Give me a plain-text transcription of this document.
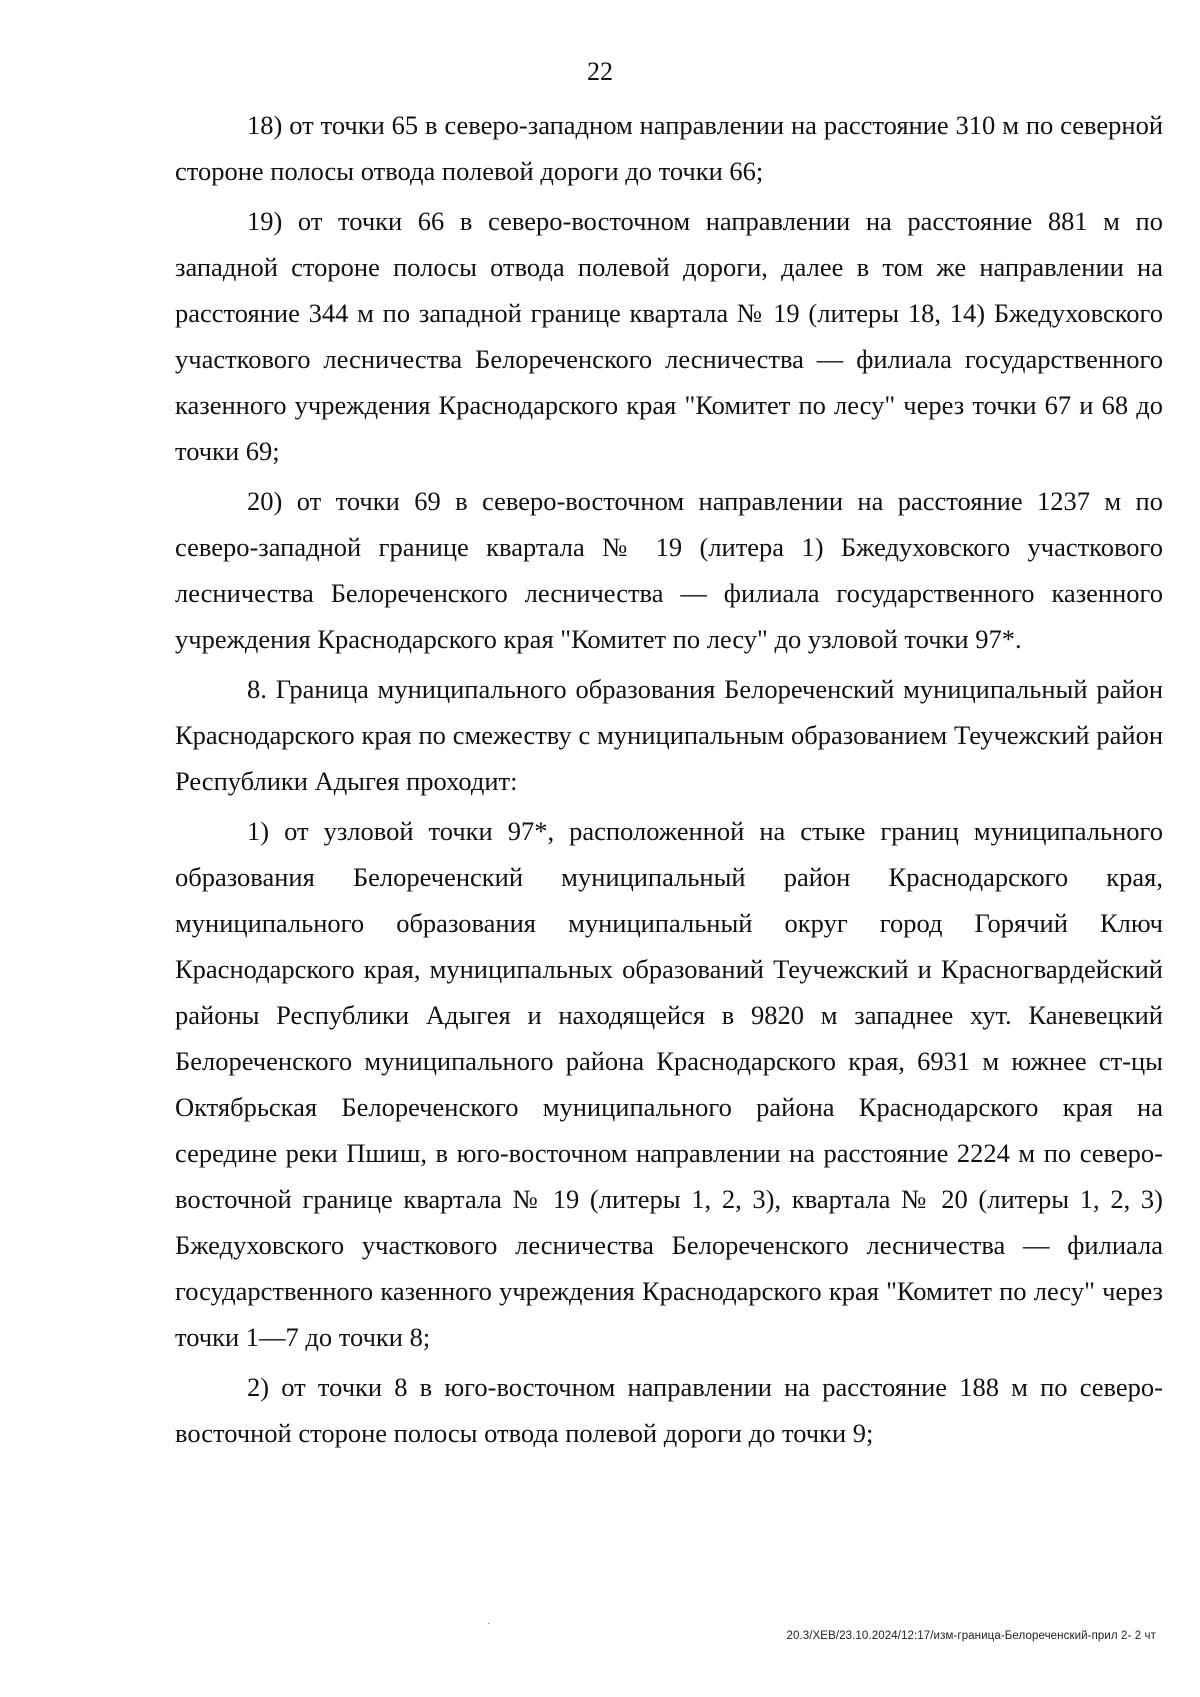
22

18) от точки 65 в северо-западном направлении на расстояние 310 м по северной стороне полосы отвода полевой дороги до точки 66;

19) от точки 66 в северо-восточном направлении на расстояние 881 м по западной стороне полосы отвода полевой дороги, далее в том же направлении на расстояние 344 м по западной границе квартала № 19 (литеры 18, 14) Бжедуховского участкового лесничества Белореченского лесничества — филиала государственного казенного учреждения Краснодарского края "Комитет по лесу" через точки 67 и 68 до точки 69;

20) от точки 69 в северо-восточном направлении на расстояние 1237 м по северо-западной границе квартала № 19 (литера 1) Бжедуховского участкового лесничества Белореченского лесничества — филиала государственного казенного учреждения Краснодарского края "Комитет по лесу" до узловой точки 97*.

8. Граница муниципального образования Белореченский муниципальный район Краснодарского края по смежеству с муниципальным образованием Теучежский район Республики Адыгея проходит:

1) от узловой точки 97*, расположенной на стыке границ муниципального образования Белореченский муниципальный район Краснодарского края, муниципального образования муниципальный округ город Горячий Ключ Краснодарского края, муниципальных образований Теучежский и Красногвардейский районы Республики Адыгея и находящейся в 9820 м западнее хут. Каневецкий Белореченского муниципального района Краснодарского края, 6931 м южнее ст-цы Октябрьская Белореченского муниципального района Краснодарского края на середине реки Пшиш, в юго-восточном направлении на расстояние 2224 м по северо-восточной границе квартала № 19 (литеры 1, 2, 3), квартала № 20 (литеры 1, 2, 3) Бжедуховского участкового лесничества Белореченского лесничества — филиала государственного казенного учреждения Краснодарского края "Комитет по лесу" через точки 1—7 до точки 8;

2) от точки 8 в юго-восточном направлении на расстояние 188 м по северо-восточной стороне полосы отвода полевой дороги до точки 9;

·
20.3/ХЕВ/23.10.2024/12:17/изм-граница-Белореченский-прил 2- 2 чт
